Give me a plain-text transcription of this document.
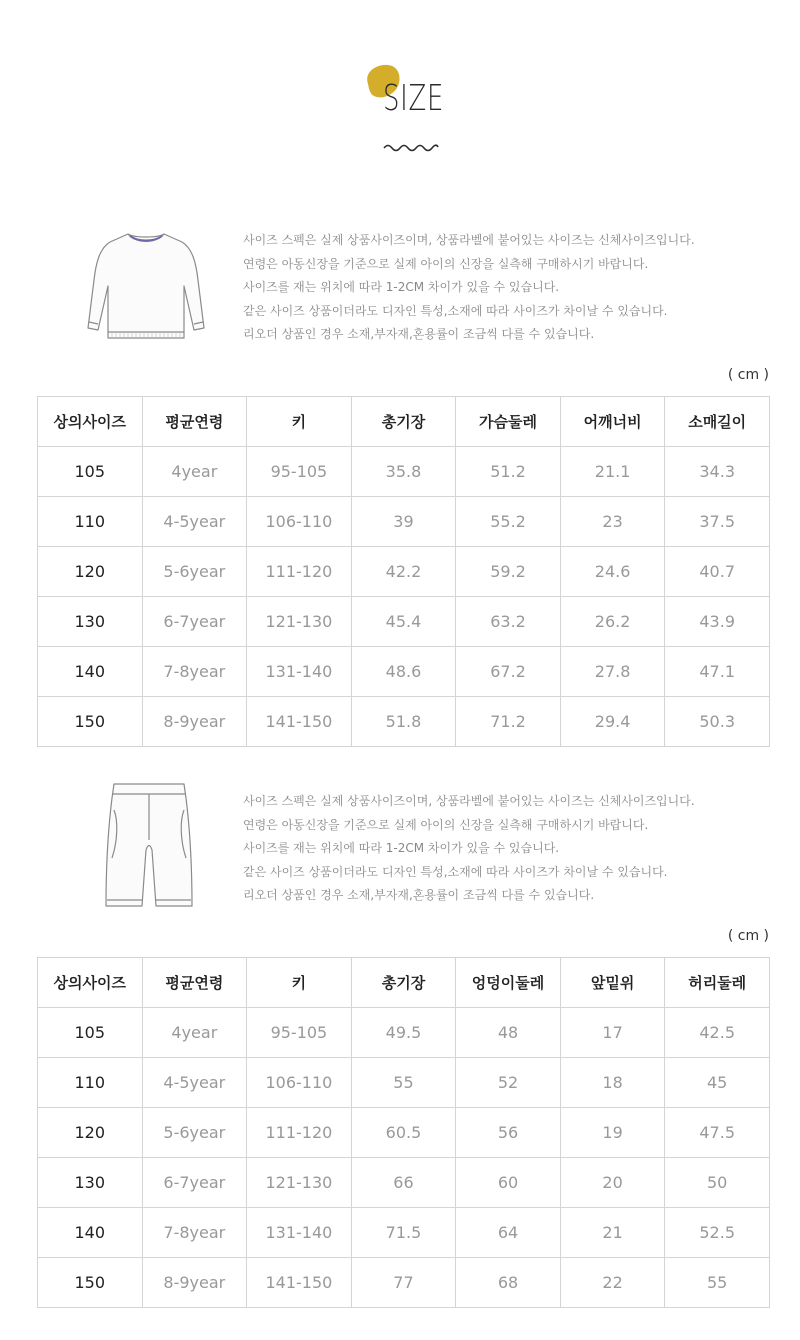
SIZE
사이즈 스펙은 실제 상품사이즈이며, 상품라벨에 붙어있는 사이즈는 신체사이즈입니다.
연령은 아동신장을 기준으로 실제 아이의 신장을 실측해 구매하시기 바랍니다.
사이즈를 재는 위치에 따라 1-2CM 차이가 있을 수 있습니다.
같은 사이즈 상품이더라도 디자인 특성,소재에 따라 사이즈가 차이날 수 있습니다.
리오더 상품인 경우 소재,부자재,혼용률이 조금씩 다를 수 있습니다.
( cm )
상의사이즈	평균연령	키	총기장	가슴둘레	어깨너비	소매길이
105	4year	95-105	35.8	51.2	21.1	34.3
110	4-5year	106-110	39	55.2	23	37.5
120	5-6year	111-120	42.2	59.2	24.6	40.7
130	6-7year	121-130	45.4	63.2	26.2	43.9
140	7-8year	131-140	48.6	67.2	27.8	47.1
150	8-9year	141-150	51.8	71.2	29.4	50.3
사이즈 스펙은 실제 상품사이즈이며, 상품라벨에 붙어있는 사이즈는 신체사이즈입니다.
연령은 아동신장을 기준으로 실제 아이의 신장을 실측해 구매하시기 바랍니다.
사이즈를 재는 위치에 따라 1-2CM 차이가 있을 수 있습니다.
같은 사이즈 상품이더라도 디자인 특성,소재에 따라 사이즈가 차이날 수 있습니다.
리오더 상품인 경우 소재,부자재,혼용률이 조금씩 다를 수 있습니다.
( cm )
상의사이즈	평균연령	키	총기장	엉덩이둘레	앞밑위	허리둘레
105	4year	95-105	49.5	48	17	42.5
110	4-5year	106-110	55	52	18	45
120	5-6year	111-120	60.5	56	19	47.5
130	6-7year	121-130	66	60	20	50
140	7-8year	131-140	71.5	64	21	52.5
150	8-9year	141-150	77	68	22	55
